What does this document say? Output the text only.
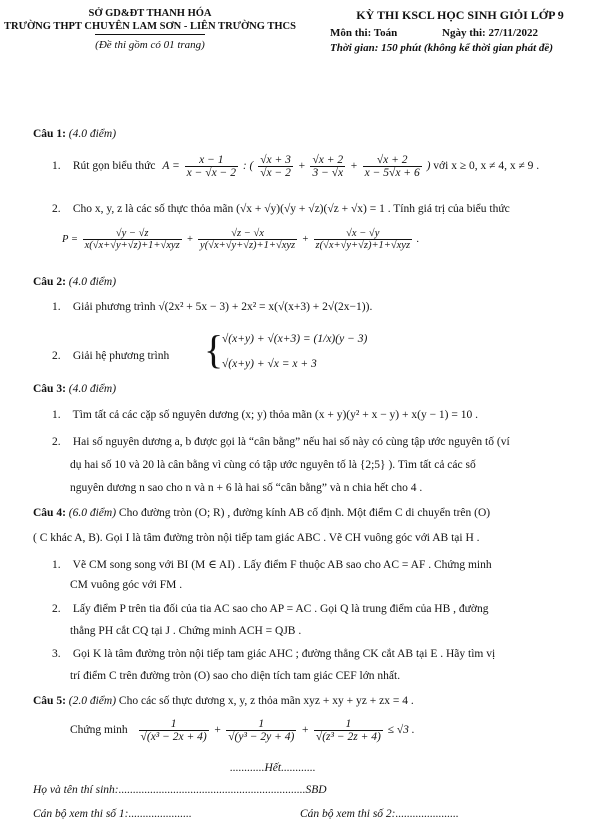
SỞ GD&ĐT THANH HÓA
TRƯỜNG THPT CHUYÊN LAM SƠN - LIÊN TRƯỜNG THCS
(Đề thi gồm có 01 trang)
KỲ THI KSCL HỌC SINH GIỎI LỚP 9
Môn thi: Toán	Ngày thi: 27/11/2022
Thời gian: 150 phút (không kể thời gian phát đề)
Câu 1: (4.0 điểm)
1. Rút gọn biểu thức $A = \frac{x - 1}{x - √x - 2}$ : ( $\frac{√x + 3}{√x - 2} + \frac{√x + 2}{3 - √x} + \frac{√x + 2}{x - 5√x + 6}$ ) với x ≥ 0, x ≠ 4, x ≠ 9 .
2. Cho x, y, z là các số thực thỏa mãn (√x + √y)(√y + √z)(√z + √x) = 1 . Tính giá trị của biểu thức
$P = \frac{√y - √z}{\text{x(√x+√y+√z)+1+√xyz}} + \frac{√z - √x}{\text{y(√x+√y+√z)+1+√xyz}} + \frac{√x - √y}{\text{z(√x+√y+√z)+1+√xyz}}$ .
Câu 2: (4.0 điểm)
1. Giải phương trình √(2x² + 5x − 3) + 2x² = x(√(x+3) + 2√(2x−1)).
2. Giải hệ phương trình {
√(x+y) + √(x+3) = (1/x)(y − 3)
√(x+y) + √x = x + 3
Câu 3: (4.0 điểm)
1. Tìm tất cả các cặp số nguyên dương (x; y) thỏa mãn (x + y)(y² + x − y) + x(y − 1) = 10 .
2. Hai số nguyên dương a, b được gọi là “cân bằng” nếu hai số này có cùng tập ước nguyên tố (ví
dụ hai số 10 và 20 là cân bằng vì cùng có tập ước nguyên tố là {2;5} ). Tìm tất cả các số
nguyên dương n sao cho n và n + 6 là hai số “cân bằng” và n chia hết cho 4 .
Câu 4: (6.0 điểm) Cho đường tròn (O; R) , đường kính AB cố định. Một điểm C di chuyển trên (O)
( C khác A, B). Gọi I là tâm đường tròn nội tiếp tam giác ABC . Vẽ CH vuông góc với AB tại H .
1. Vẽ CM song song với BI (M ∈ AI) . Lấy điểm F thuộc AB sao cho AC = AF . Chứng minh
CM vuông góc với FM .
2. Lấy điểm P trên tia đối của tia AC sao cho AP = AC . Gọi Q là trung điểm của HB , đường
thẳng PH cắt CQ tại J . Chứng minh ACH = QJB .
3. Gọi K là tâm đường tròn nội tiếp tam giác AHC ; đường thẳng CK cắt AB tại E . Hãy tìm vị
trí điểm C trên đường tròn (O) sao cho diện tích tam giác CEF lớn nhất.
Câu 5: (2.0 điểm) Cho các số thực dương x, y, z thỏa mãn xyz + xy + yz + zx = 4 .
Chứng minh $\frac{1}{\text{√(x³ − 2x + 4)}} + \frac{1}{\text{√(y³ − 2y + 4)}} + \frac{1}{\text{√(z³ − 2z + 4)}} \le √3$ .
............Hết............
Họ và tên thí sinh:.................................................................SBD
Cán bộ xem thi số 1:......................	Cán bộ xem thi số 2:......................
